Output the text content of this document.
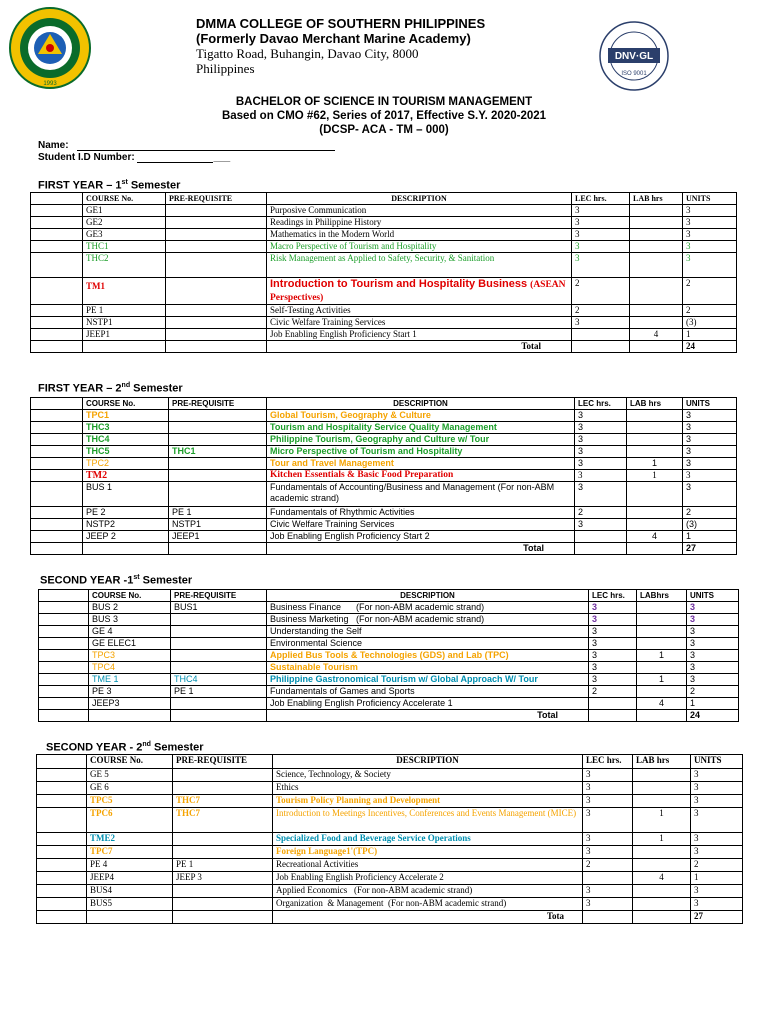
1993
DNV·GL
ISO 9001
DMMA COLLEGE OF SOUTHERN PHILIPPINES
(Formerly Davao Merchant Marine Academy)
Tigatto Road, Buhangin, Davao City, 8000
Philippines
BACHELOR OF SCIENCE IN TOURISM MANAGEMENT
Based on CMO #62, Series of 2017, Effective S.Y. 2020-2021
(DCSP- ACA - TM – 000)
Name:
Student I.D Number:	___
FIRST YEAR – 1st Semester
	COURSE No.	PRE-REQUISITE	DESCRIPTION	LEC hrs.	LAB hrs	UNITS
	GE1		Purposive Communication	3		3
	GE2		Readings in Philippine History	3		3
	GE3		Mathematics in the Modern World	3		3
	THC1		Macro Perspective of Tourism and Hospitality	3		3
	THC2		Risk Management as Applied to Safety, Security, & Sanitation	3		3
	TM1		Introduction to Tourism and Hospitality Business (ASEAN Perspectives)	2		2
	PE 1		Self-Testing Activities	2		2
	NSTP1		Civic Welfare Training Services	3		(3)
	JEEP1		Job Enabling English Proficiency Start 1		4	1
			Total			24
FIRST YEAR – 2nd Semester
	COURSE No.	PRE-REQUISITE	DESCRIPTION	LEC hrs.	LAB hrs	UNITS
	TPC1		Global Tourism, Geography & Culture	3		3
	THC3		Tourism and Hospitality Service Quality Management	3		3
	THC4		Philippine Tourism, Geography and Culture w/ Tour	3		3
	THC5	THC1	Micro Perspective of Tourism and Hospitality	3		3
	TPC2		Tour and Travel Management	3	1	3
	TM2		Kitchen Essentials & Basic Food Preparation	3	1	3
	BUS 1		Fundamentals of Accounting/Business and Management (For non-ABM academic strand)	3		3
	PE 2	PE 1	Fundamentals of Rhythmic Activities	2		2
	NSTP2	NSTP1	Civic Welfare Training Services	3		(3)
	JEEP 2	JEEP1	Job Enabling English Proficiency Start 2		4	1
			Total			27
SECOND YEAR -1st Semester
	COURSE No.	PRE-REQUISITE	DESCRIPTION	LEC hrs.	LABhrs	UNITS
	BUS 2	BUS1	Business Finance      (For non-ABM academic strand)	3		3
	BUS 3		Business Marketing   (For non-ABM academic strand)	3		3
	GE 4		Understanding the Self	3		3
	GE ELEC1		Environmental Science	3		3
	TPC3		Applied Bus Tools & Technologies (GDS) and Lab (TPC)	3	1	3
	TPC4		Sustainable Tourism	3		3
	TME 1	THC4	Philippine Gastronomical Tourism w/ Global Approach W/ Tour	3	1	3
	PE 3	PE 1	Fundamentals of Games and Sports	2		2
	JEEP3		Job Enabling English Proficiency Accelerate 1		4	1
			Total			24
SECOND YEAR - 2nd Semester
	COURSE No.	PRE-REQUISITE	DESCRIPTION	LEC hrs.	LAB hrs	UNITS
	GE 5		Science, Technology, & Society	3		3
	GE 6		Ethics	3		3
	TPC5	THC7	Tourism Policy Planning and Development	3		3
	TPC6	THC7	Introduction to Meetings Incentives, Conferences and Events Management (MICE)	3	1	3
	TME2		Specialized Food and Beverage Service Operations	3	1	3
	TPC7		Foreign Language1'(TPC)	3		3
	PE 4	PE 1	Recreational Activities	2		2
	JEEP4	JEEP 3	Job Enabling English Proficiency Accelerate 2		4	1
	BUS4		Applied Economics   (For non-ABM academic strand)	3		3
	BUS5		Organization  & Management  (For non-ABM academic strand)	3		3
			Tota			27
